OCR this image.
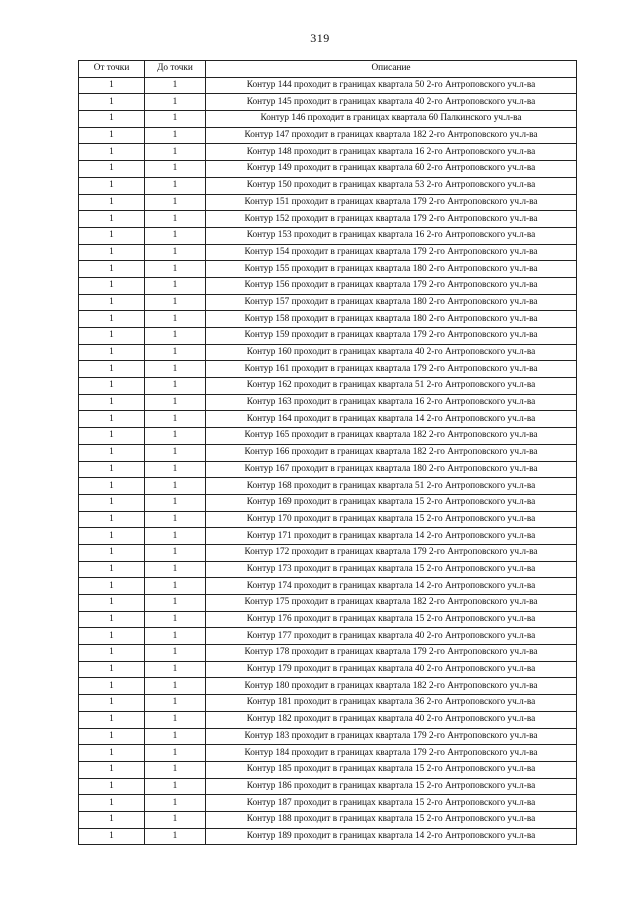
319
От точки	До точки	Описание
1	1	Контур 144 проходит в границах квартала 50 2-го Антроповского уч.л-ва
1	1	Контур 145 проходит в границах квартала 40 2-го Антроповского уч.л-ва
1	1	Контур 146 проходит в границах квартала 60 Палкинского уч.л-ва
1	1	Контур 147 проходит в границах квартала 182 2-го Антроповского уч.л-ва
1	1	Контур 148 проходит в границах квартала 16 2-го Антроповского уч.л-ва
1	1	Контур 149 проходит в границах квартала 60 2-го Антроповского уч.л-ва
1	1	Контур 150 проходит в границах квартала 53 2-го Антроповского уч.л-ва
1	1	Контур 151 проходит в границах квартала 179 2-го Антроповского уч.л-ва
1	1	Контур 152 проходит в границах квартала 179 2-го Антроповского уч.л-ва
1	1	Контур 153 проходит в границах квартала 16 2-го Антроповского уч.л-ва
1	1	Контур 154 проходит в границах квартала 179 2-го Антроповского уч.л-ва
1	1	Контур 155 проходит в границах квартала 180 2-го Антроповского уч.л-ва
1	1	Контур 156 проходит в границах квартала 179 2-го Антроповского уч.л-ва
1	1	Контур 157 проходит в границах квартала 180 2-го Антроповского уч.л-ва
1	1	Контур 158 проходит в границах квартала 180 2-го Антроповского уч.л-ва
1	1	Контур 159 проходит в границах квартала 179 2-го Антроповского уч.л-ва
1	1	Контур 160 проходит в границах квартала 40 2-го Антроповского уч.л-ва
1	1	Контур 161 проходит в границах квартала 179 2-го Антроповского уч.л-ва
1	1	Контур 162 проходит в границах квартала 51 2-го Антроповского уч.л-ва
1	1	Контур 163 проходит в границах квартала 16 2-го Антроповского уч.л-ва
1	1	Контур 164 проходит в границах квартала 14 2-го Антроповского уч.л-ва
1	1	Контур 165 проходит в границах квартала 182 2-го Антроповского уч.л-ва
1	1	Контур 166 проходит в границах квартала 182 2-го Антроповского уч.л-ва
1	1	Контур 167 проходит в границах квартала 180 2-го Антроповского уч.л-ва
1	1	Контур 168 проходит в границах квартала 51 2-го Антроповского уч.л-ва
1	1	Контур 169 проходит в границах квартала 15 2-го Антроповского уч.л-ва
1	1	Контур 170 проходит в границах квартала 15 2-го Антроповского уч.л-ва
1	1	Контур 171 проходит в границах квартала 14 2-го Антроповского уч.л-ва
1	1	Контур 172 проходит в границах квартала 179 2-го Антроповского уч.л-ва
1	1	Контур 173 проходит в границах квартала 15 2-го Антроповского уч.л-ва
1	1	Контур 174 проходит в границах квартала 14 2-го Антроповского уч.л-ва
1	1	Контур 175 проходит в границах квартала 182 2-го Антроповского уч.л-ва
1	1	Контур 176 проходит в границах квартала 15 2-го Антроповского уч.л-ва
1	1	Контур 177 проходит в границах квартала 40 2-го Антроповского уч.л-ва
1	1	Контур 178 проходит в границах квартала 179 2-го Антроповского уч.л-ва
1	1	Контур 179 проходит в границах квартала 40 2-го Антроповского уч.л-ва
1	1	Контур 180 проходит в границах квартала 182 2-го Антроповского уч.л-ва
1	1	Контур 181 проходит в границах квартала 36 2-го Антроповского уч.л-ва
1	1	Контур 182 проходит в границах квартала 40 2-го Антроповского уч.л-ва
1	1	Контур 183 проходит в границах квартала 179 2-го Антроповского уч.л-ва
1	1	Контур 184 проходит в границах квартала 179 2-го Антроповского уч.л-ва
1	1	Контур 185 проходит в границах квартала 15 2-го Антроповского уч.л-ва
1	1	Контур 186 проходит в границах квартала 15 2-го Антроповского уч.л-ва
1	1	Контур 187 проходит в границах квартала 15 2-го Антроповского уч.л-ва
1	1	Контур 188 проходит в границах квартала 15 2-го Антроповского уч.л-ва
1	1	Контур 189 проходит в границах квартала 14 2-го Антроповского уч.л-ва
